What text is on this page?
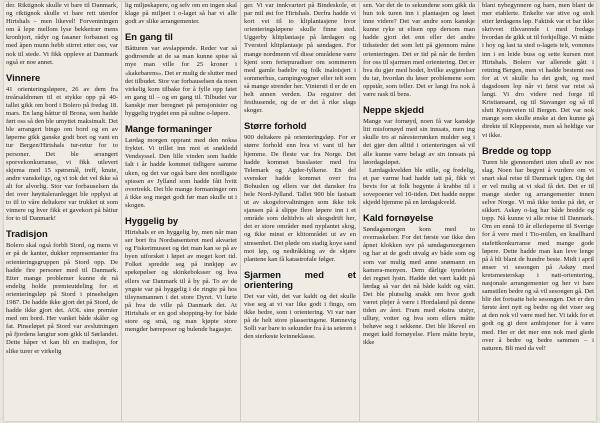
der. Riktignok skulle vi bare til Danmark, og riktignok skulle vi bare rett utenfor Hirtshals – men likevel! Forventningen om å lepe mellom lyse bekketrær mens kronhjort, rådyr og fasaner forbauset og med åpen munn hebb stirret etter oss, var nok til stede. Vi fikk oppleve at Danmark også er noe annet.

Vinnere

41 orienteringsløpere, 26 av dem fra treårsaldrenen til et stykke opp på 40-tallet gikk om bord i Bolero på fredag 18. mars. En lang båttur til Brona, som hadde ført oss så den ble umyttet maksimalt. Det ble arrangert bingo om bord og en av løperne gikk ganske godt bort og vant en tur Bergen/Hirtshals tur-retur for to personer. Det ble arrangert sporvekonkurranse, vi fikk utlevert skjema med 15 spørsmål, treff, knute, andre vanskelige, og vi tok det vel ikke så alt for alvorlig. Stor var forbauselsen da det over høyttaleranlegget ble opplyst at to til to våre deltakere var trukket ut som vinnere og hver fikk et gavekort på båttur for to til Danmark!

Tradisjon

Bolero skal også forbli Stord, og mens vi er på de kanter, dukker representanter fra orienteringsgruppen på Stord opp. De hadde fire personer med til Danmark. Etter mange problemer kunne de nå endelig holde premieutdeling for et orienteringsløp på Stord i pinsehelgen 1987. De hadde ikke gjort det på Stord, de hadde ikke gjort det. AOL sine premier med om bord. Her vanket både skåler og fat. Pinseløpet på Stord var avslutningen på fjordens langtur som gikk til Sørlandet. Dette håper vi kan bli en tradisjon, for slike turer er virkelig

lig miljøskapere, og selv om en ingen skal klage på miljøet i o-laget så har vi alle godt av slike arrangementer.

En gang til

Båtturen var avslappende. Reder var så godtroende at de sa man kunne spise så mye man ville for 25 kroner i «kakebarens». Det er mulig de slutter med det tilbudet. Stor var forbauselsen da noen virkelig kom tilbake for å fylle opp fatet en gang til – og en gang til. Tilbudet var kanskje mer beregnet på pensjonister og hyggelig trygdet enn på sultne o-løpere.

Mange formaninger

Lørdag morgen opprant med den noksa fryktet. Vi trillet inn mot et snøkledd Vendsyssel. Den lille vinden som hadde falt i år hadde kommet tidligere samme uken, og det var også bare den nordligste spissen av Jylland som hadde fått hvitt overtrekk. Det ble mange formaninger om å ikke sog meget godt før man skulle ut i skogen.

Hyggelig by

Hirtshals er en hyggelig by, men når man ser bort fra Nordsøsenteret med akvariet og Fiskerimuseet og det man kan se på av byen utforsket i løpet av meget kort tid. Folket spredde seg på innkjøp av spekepølser og skinkeboksser og hva ellers var Danmark til å by på. To av de yngste var på hyggelig i de ringte på hos tilsynsmannen i det store Dyret. Vi lurte på hva de ville på Danmark det. At Hirtshals er en god shopping-by for både store og små, og man kjøpte store mengder bæreposer og bulende bagasjer.

ger. Vi var innkvartert på Bindeskole, et par mil øst for Hirtshals. Derfra hadde vi kort vei til to kliplantasjene hvor orienteringsløpene skulle finne sted. Uggerby klitplantasje på lørdagen og Tversted klitplantasje på søndagen. For mange nordmenn vil disse områdene være kjent som feriepuradiser om sommeren med gamle badeliv og folk inaloisjert i sommerhus, campingvogner eller telt som så mange strender her. Vintersti d er de en helt annen verden. Da reguirer det festhusende, og de er det å rike slags skoger.

Større forhold

900 deltakere på orienteringsløp. For er større forhold enn hva vi vant til her hjemme. De fleste var fra Norge. Det hadde kommet busslaster med fra Telemark og Agder-fylkene. En del svensker hadde kommet over fra Bohuslen og ellers var det dansker fra hele Nord-Jylland. Tallet 900 ble fastsatt ut av skogsforvaltningen som ikke tok sjansen på å slippe flere løpere inn i et område som deltidvis alt skogsdrift her, det er store områder med nyplantet skog, og ikke minst er klitområdet ut av en stresenhet. Det pløde om stadig koye sand mot løp, og nedtråkking av de skjøre plantene kan få katastrofale følger.

Sjarmen med et orientering

Det var vått, det var kaldt og det skulle vise seg at vi var like godt i fingo, om ikke bedre, som i orientering. Vi var nær på de helt store plasseringene. Rønnevig Solli var bare to sekunder fra å ta seieren i den sterkeste kvinneklasse.

sen. Var det de to sekundene som gikk da hun tok turen inn i plantasjen og løset inne videre? Det var andre som kanskje kunne ryke ut elisen opp dersom man hadde gjort det enn eller det andre tidssteder det som lett på gjennom måne orienteringen. Det er tid på når de ferden for oss til sjarmen med orientering. Det er hva du gjør med hodet, hvilke avgjørelser du tar, hvordan du løser problemene som oppstår, som teller. Det er langt fra nok å være rask til bens.

Neppe skjedd

Mange var fornøyd, noen få var kanskje litt misfornøyd med sin innsats, men ing skulle tro at nåresterrønken mulder seg i det gjør den alltid i orienteringen så vil alle kunne være belagt av sin innsats på løordagsløpet.

Lørdagskvelden ble stille, og fredelig, et par varme bad hadde tatt på, fikk vi bevis for at folk begynte å krabbe til i sovepoener vel 10-tiden. Det hadde neppe skjedd hjemme på en lørdagskveld.

Kald fornøyelse

Søndagsmorgen kom med to overraskelser. For det første var ikke den åpnet klokken syv på søndagsmorgenen og har at de godt utvalg av både som og som var mulig med anne snømann en kamera-menyen. Dem dårlige tyneleten det regnet lystn. Hadde det vært kaldt på lørdag så var det nå både kaldt og vått. Det ble plutselig snakk om hvor godt været plejer å være i Hordaland på denne tiden av året. Fram med ekstra utstyr, ulltøy, votter og hva som ellers måtte behøve seg i sekkene. Det ble likevel en meget kald fornøyelse. Flere måtte bryte, ikke

blant nybegynnere og barn, men blant de mer etablerte. Enkelte var stive og stolt etter lørdagens løp. Faktisk var et bar ikke skrivvet tilsvarende i med fredags hvordan de gikk ut til forkjellige. Vi måtte i hoy og last ta sted o-lagets telt, vommes inn i en leide buss og sette kursen mot Hirtshals. Bolero var allerede gått i retning Bergen, men vi hadde bestemt oss for at vi skulle ha det godt, og med dagsdosen lop når vi først var reist så langt. Vi dro videre ned forge til Kristiansand, og til Stavanger og så til slutt Kysteveien til Bergen. Det var nok mange som skulle ønske at den kunne gå direkte til Kleppeestø, men så heldige var vi ikke.

Bredde og topp

Turen ble gjennomført uten uhell av noe slag. Noen har begynt å vurdere om vi snart skal reise til Danmark igjen. Og det er vel mulig at vi skal få det. Det er til mange steder og arrangementer innen selve Norge. Vi må ikke tenke på det, er sikkert. Askøy o-lag har både bredde og topp. Nå kunne vi alle reise til Danmark. Om en ennå 10 år ellerleperne til Sverige for å vere med i Tio-milen, en knallhard stafettkonkurranse med mange gode løpere. Dette hadde man kan leve lenge på å bli blant de hundre beste. Midt i april ønser vi sesongen på Askøy med kretsmesterskap i natt-orientering, nasjonale arrangementer og her vi bare samstilen bedre og så vil sesongen gå. Det blir det fortsatte hele sesongen. Det er den første året nytt og bedre og det viser seg at den nok vil være med her. Vi takk for et godt og gi dere ambisjoner for å være med. Her er det mer enn nok med glede over å bedre og bedre sammen – i naturen. Bli med da vel!
